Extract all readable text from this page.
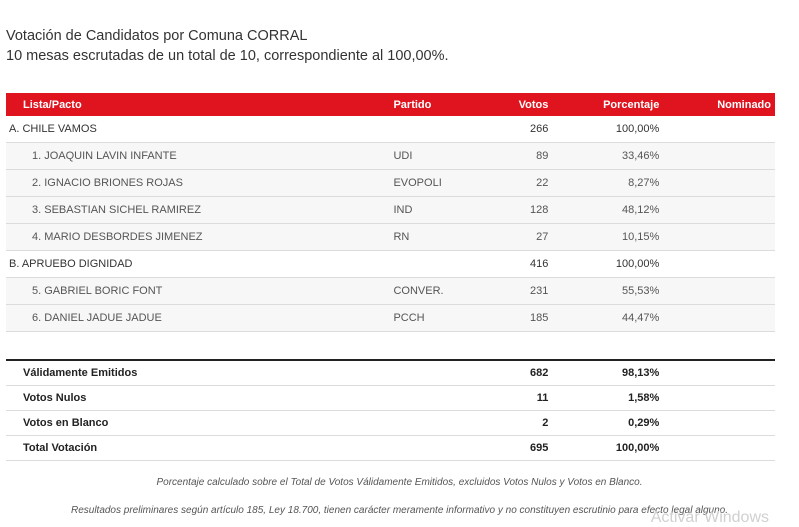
Votación de Candidatos por Comuna CORRAL
10 mesas escrutadas de un total de 10, correspondiente al 100,00%.
Lista/Pacto	Partido	Votos	Porcentaje	Nominado
A. CHILE VAMOS		266	100,00%	
1. JOAQUIN LAVIN INFANTE	UDI	89	33,46%	
2. IGNACIO BRIONES ROJAS	EVOPOLI	22	8,27%	
3. SEBASTIAN SICHEL RAMIREZ	IND	128	48,12%	
4. MARIO DESBORDES JIMENEZ	RN	27	10,15%	
B. APRUEBO DIGNIDAD		416	100,00%	
5. GABRIEL BORIC FONT	CONVER.	231	55,53%	
6. DANIEL JADUE JADUE	PCCH	185	44,47%	

Válidamente Emitidos		682	98,13%	
Votos Nulos		11	1,58%	
Votos en Blanco		2	0,29%	
Total Votación		695	100,00%	
Porcentaje calculado sobre el Total de Votos Válidamente Emitidos, excluidos Votos Nulos y Votos en Blanco.
Resultados preliminares según artículo 185, Ley 18.700, tienen carácter meramente informativo y no constituyen escrutinio para efecto legal alguno.
Activar Windows
